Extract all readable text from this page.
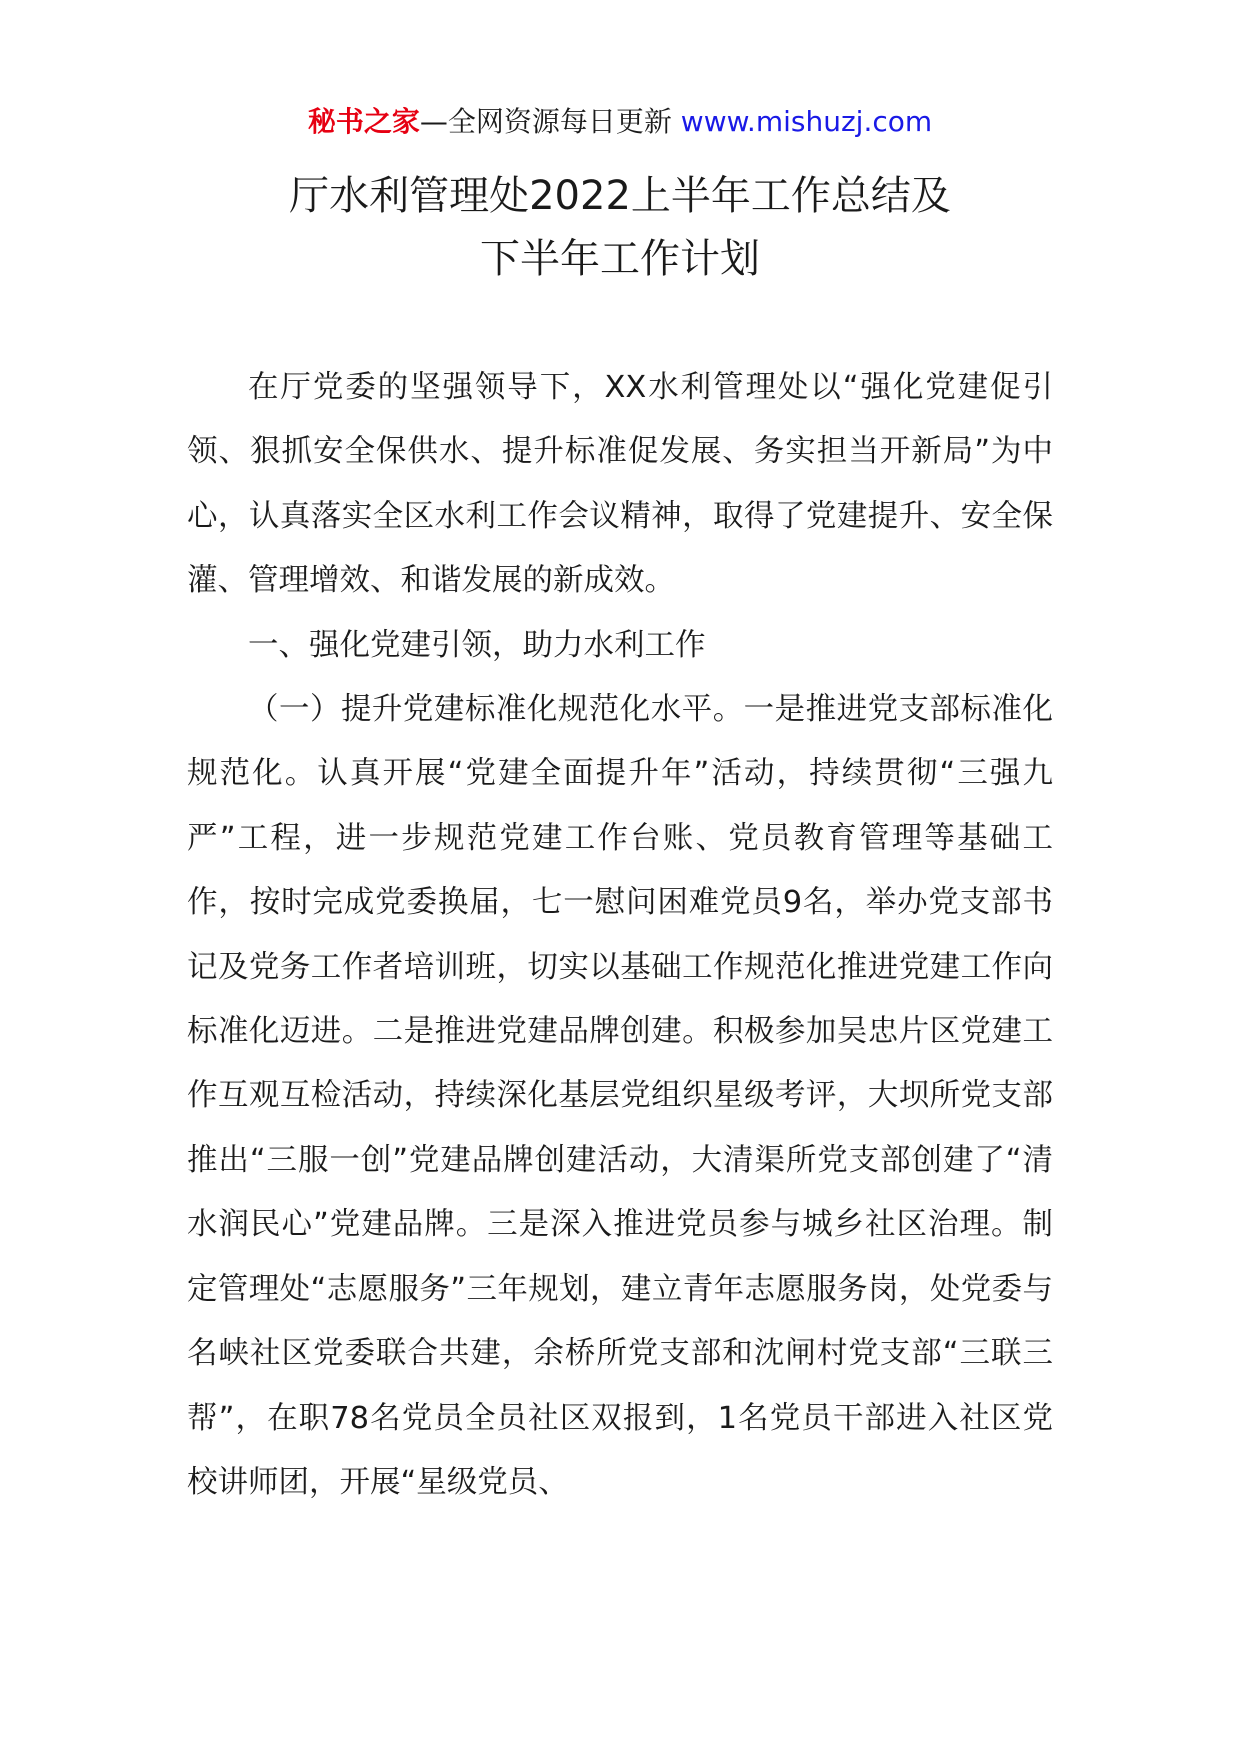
秘书之家—全网资源每日更新 www.mishuzj.com
厅水利管理处2022上半年工作总结及
下半年工作计划

在厅党委的坚强领导下，XX水利管理处以“强化党建促引领、狠抓安全保供水、提升标准促发展、务实担当开新局”为中心，认真落实全区水利工作会议精神，取得了党建提升、安全保灌、管理增效、和谐发展的新成效。

一、强化党建引领，助力水利工作

（一）提升党建标准化规范化水平。一是推进党支部标准化规范化。认真开展“党建全面提升年”活动，持续贯彻“三强九严”工程，进一步规范党建工作台账、党员教育管理等基础工作，按时完成党委换届，七一慰问困难党员9名，举办党支部书记及党务工作者培训班，切实以基础工作规范化推进党建工作向标准化迈进。二是推进党建品牌创建。积极参加吴忠片区党建工作互观互检活动，持续深化基层党组织星级考评，大坝所党支部推出“三服一创”党建品牌创建活动，大清渠所党支部创建了“清水润民心”党建品牌。三是深入推进党员参与城乡社区治理。制定管理处“志愿服务”三年规划，建立青年志愿服务岗，处党委与名峡社区党委联合共建，余桥所党支部和沈闸村党支部“三联三帮”，在职78名党员全员社区双报到，1名党员干部进入社区党校讲师团，开展“星级党员、
